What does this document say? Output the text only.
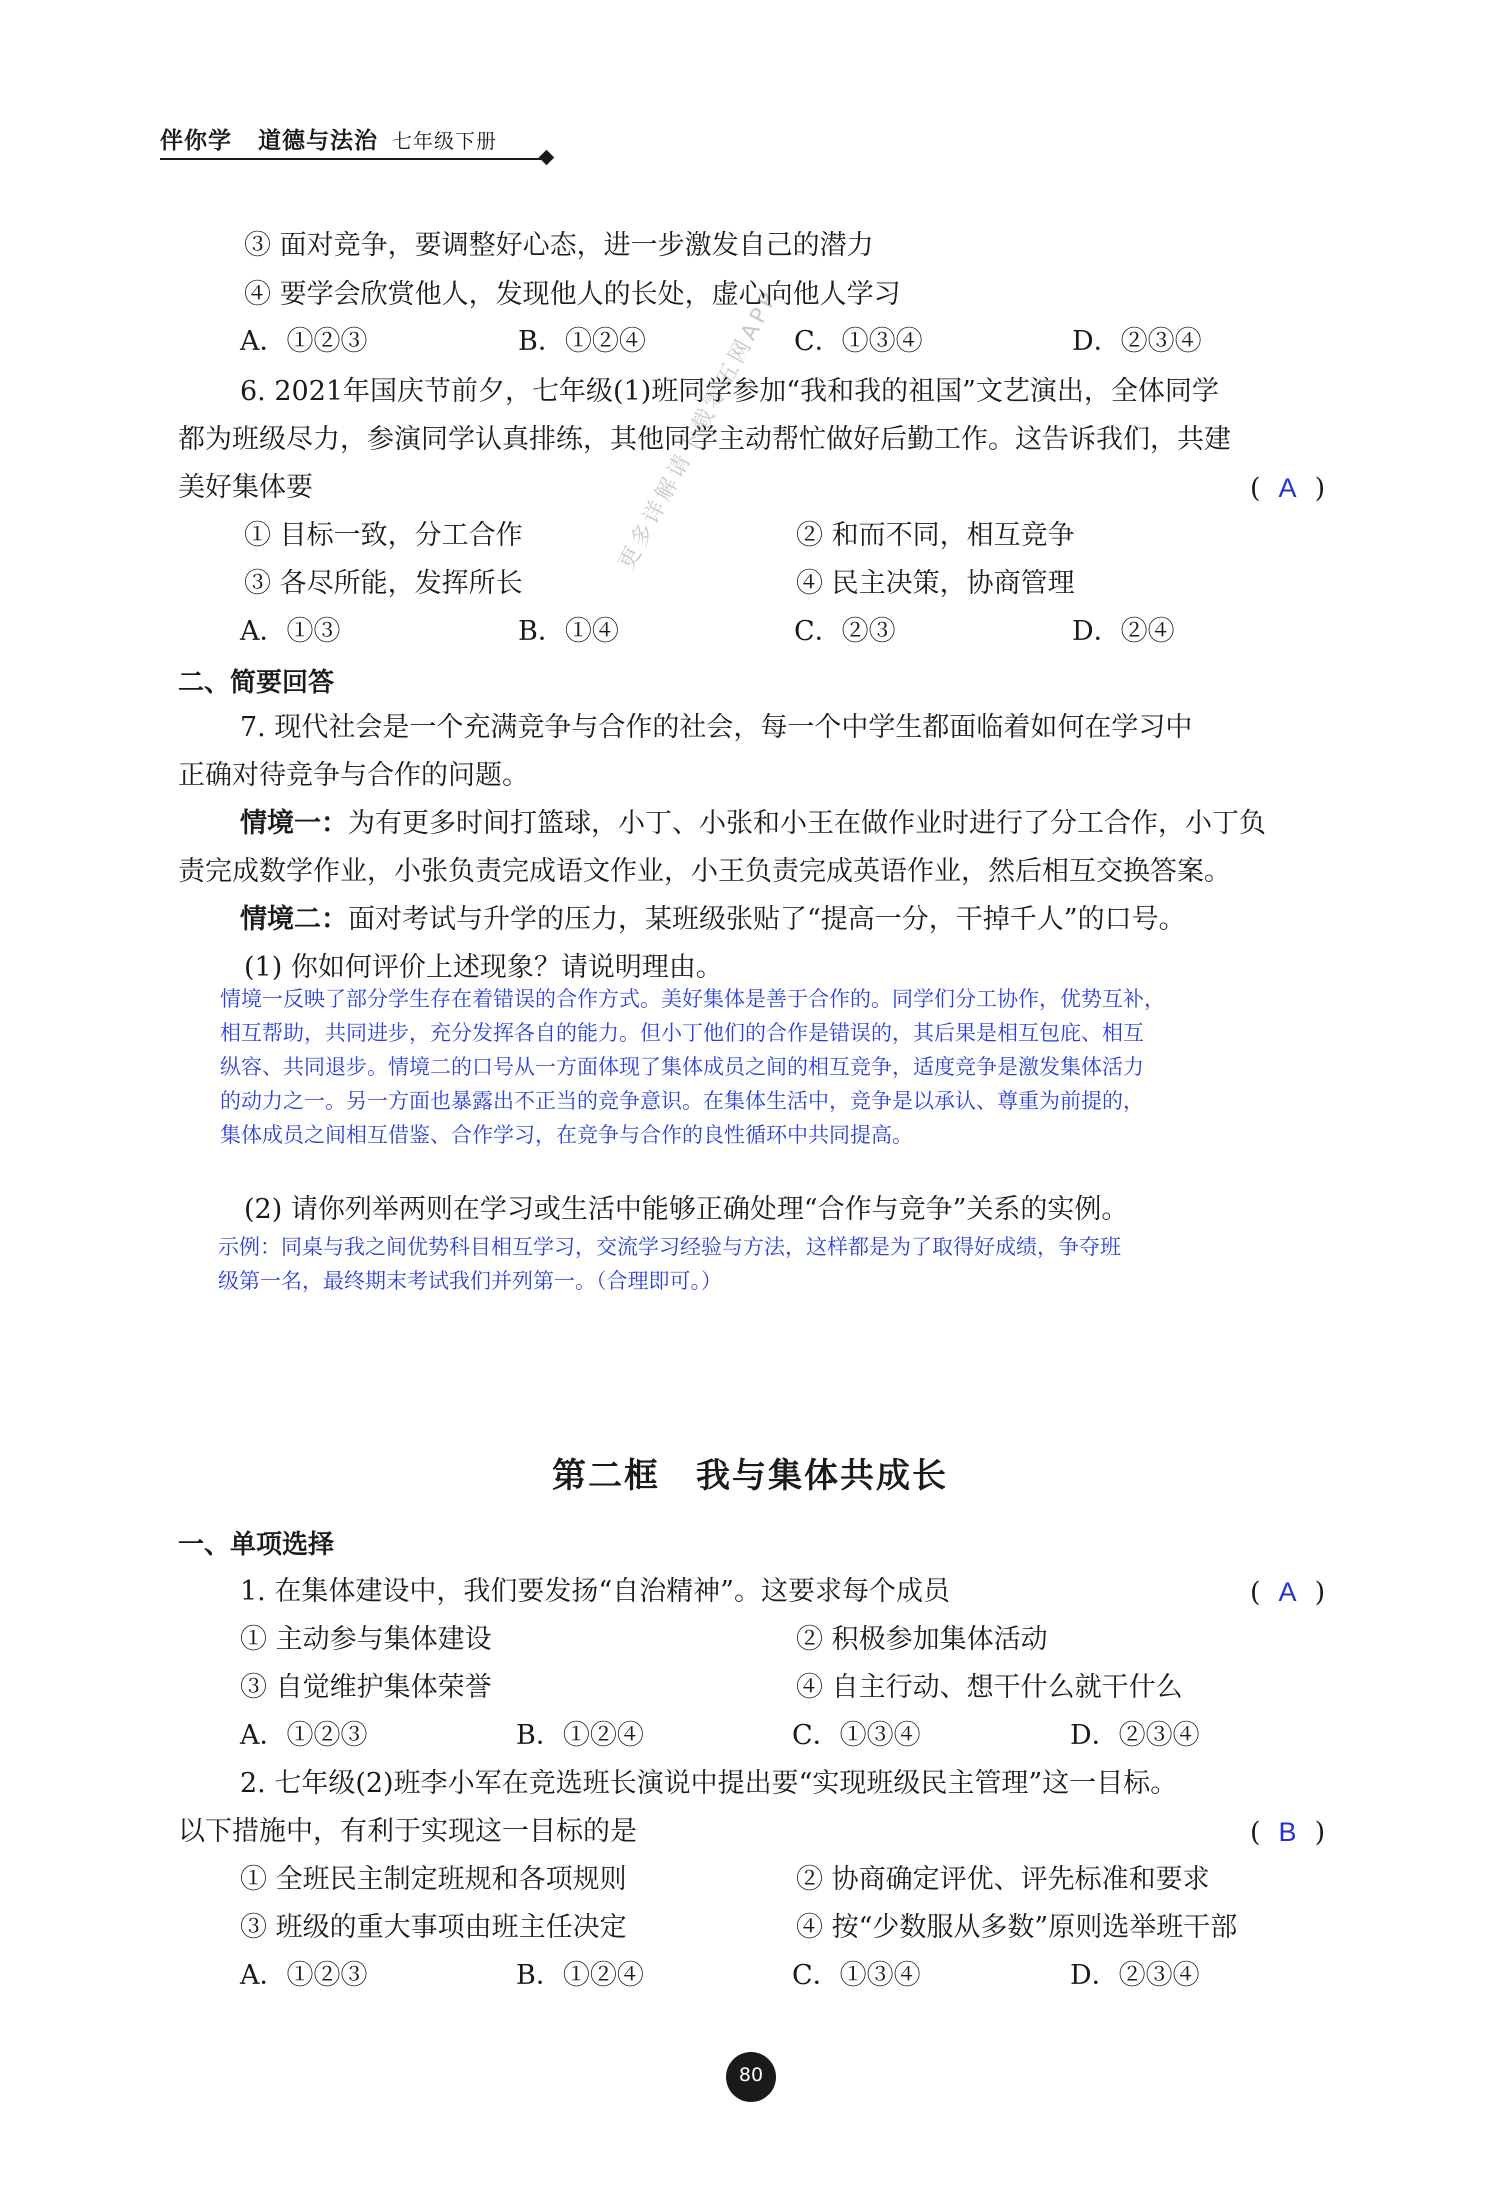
伴你学 道德与法治 七年级下册
更多详解请下载零五网APP
③ 面对竞争，要调整好心态，进一步激发自己的潜力
④ 要学会欣赏他人，发现他人的长处，虚心向他人学习
A．①②③	B．①②④	C．①③④	D．②③④
6. 2021年国庆节前夕，七年级(1)班同学参加“我和我的祖国”文艺演出，全体同学
都为班级尽力，参演同学认真排练，其他同学主动帮忙做好后勤工作。这告诉我们，共建
美好集体要	( A )
① 目标一致，分工合作	② 和而不同，相互竞争
③ 各尽所能，发挥所长	④ 民主决策，协商管理
A．①③	B．①④	C．②③	D．②④
二、简要回答
7. 现代社会是一个充满竞争与合作的社会，每一个中学生都面临着如何在学习中
正确对待竞争与合作的问题。
情境一：为有更多时间打篮球，小丁、小张和小王在做作业时进行了分工合作，小丁负
责完成数学作业，小张负责完成语文作业，小王负责完成英语作业，然后相互交换答案。
情境二：面对考试与升学的压力，某班级张贴了“提高一分，干掉千人”的口号。
(1) 你如何评价上述现象？请说明理由。
情境一反映了部分学生存在着错误的合作方式。美好集体是善于合作的。同学们分工协作，优势互补，
相互帮助，共同进步，充分发挥各自的能力。但小丁他们的合作是错误的，其后果是相互包庇、相互
纵容、共同退步。情境二的口号从一方面体现了集体成员之间的相互竞争，适度竞争是激发集体活力
的动力之一。另一方面也暴露出不正当的竞争意识。在集体生活中，竞争是以承认、尊重为前提的，
集体成员之间相互借鉴、合作学习，在竞争与合作的良性循环中共同提高。
(2) 请你列举两则在学习或生活中能够正确处理“合作与竞争”关系的实例。
示例：同桌与我之间优势科目相互学习，交流学习经验与方法，这样都是为了取得好成绩，争夺班
级第一名，最终期末考试我们并列第一。（合理即可。）
第二框　我与集体共成长
一、单项选择
1. 在集体建设中，我们要发扬“自治精神”。这要求每个成员	( A )
① 主动参与集体建设	② 积极参加集体活动
③ 自觉维护集体荣誉	④ 自主行动、想干什么就干什么
A．①②③	B．①②④	C．①③④	D．②③④
2. 七年级(2)班李小军在竞选班长演说中提出要“实现班级民主管理”这一目标。
以下措施中，有利于实现这一目标的是	( B )
① 全班民主制定班规和各项规则	② 协商确定评优、评先标准和要求
③ 班级的重大事项由班主任决定	④ 按“少数服从多数”原则选举班干部
A．①②③	B．①②④	C．①③④	D．②③④
80
